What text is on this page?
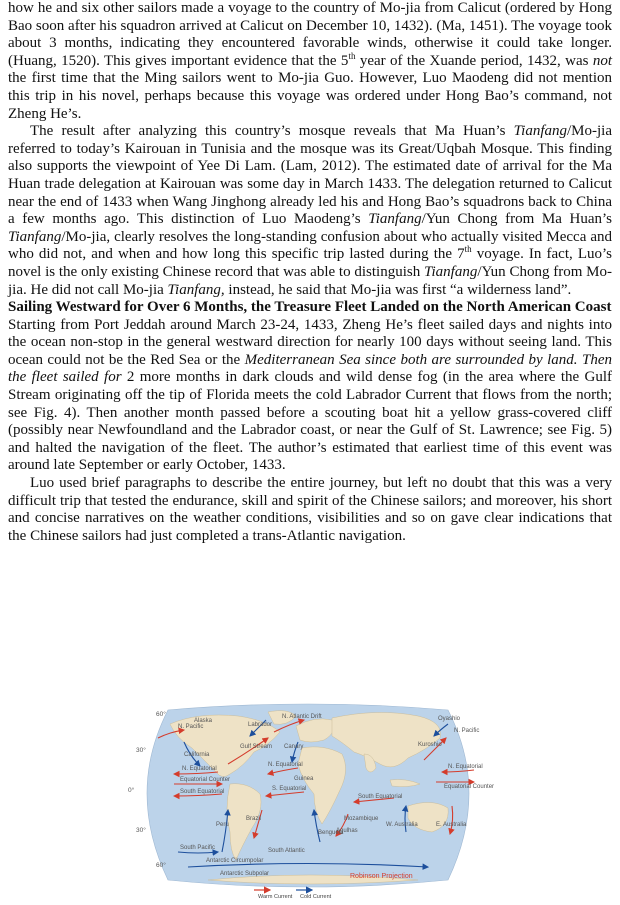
how he and six other sailors made a voyage to the country of Mo-jia from Calicut (ordered by Hong Bao soon after his squadron arrived at Calicut on December 10, 1432). (Ma, 1451). The voyage took about 3 months, indicating they encountered favorable winds, otherwise it could take longer. (Huang, 1520). This gives important evidence that the 5th year of the Xuande period, 1432, was not the first time that the Ming sailors went to Mo-jia Guo. However, Luo Maodeng did not mention this trip in his novel, perhaps because this voyage was ordered under Hong Bao’s command, not Zheng He’s.

The result after analyzing this country’s mosque reveals that Ma Huan’s Tianfang/Mo-jia referred to today’s Kairouan in Tunisia and the mosque was its Great/Uqbah Mosque. This finding also supports the viewpoint of Yee Di Lam. (Lam, 2012). The estimated date of arrival for the Ma Huan trade delegation at Kairouan was some day in March 1433. The delegation returned to Calicut near the end of 1433 when Wang Jinghong already led his and Hong Bao’s squadrons back to China a few months ago. This distinction of Luo Maodeng’s Tianfang/Yun Chong from Ma Huan’s Tianfang/Mo-jia, clearly resolves the long-standing confusion about who actually visited Mecca and who did not, and when and how long this specific trip lasted during the 7th voyage. In fact, Luo’s novel is the only existing Chinese record that was able to distinguish Tianfang/Yun Chong from Mo-jia. He did not call Mo-jia Tianfang, instead, he said that Mo-jia was first “a wilderness land”.

Sailing Westward for Over 6 Months, the Treasure Fleet Landed on the North American Coast

Starting from Port Jeddah around March 23-24, 1433, Zheng He’s fleet sailed days and nights into the ocean non-stop in the general westward direction for nearly 100 days without seeing land. This ocean could not be the Red Sea or the Mediterranean Sea since both are surrounded by land. Then the fleet sailed for 2 more months in dark clouds and wild dense fog (in the area where the Gulf Stream originating off the tip of Florida meets the cold Labrador Current that flows from the north; see Fig. 4). Then another month passed before a scouting boat hit a yellow grass-covered cliff (possibly near Newfoundland and the Labrador coast, or near the Gulf of St. Lawrence; see Fig. 5) and halted the navigation of the fleet. The author’s estimated that earliest time of this event was around late September or early October, 1433.

Luo used brief paragraphs to describe the entire journey, but left no doubt that this was a very difficult trip that tested the endurance, skill and spirit of the Chinese sailors; and moreover, his short and concise narratives on the weather conditions, visibilities and so on gave clear indications that the Chinese sailors had just completed a trans-Atlantic navigation.

60°
30°
0°
30°
60°
N. Pacific
Alaska
California
N. Equatorial
Equatorial Counter
South Equatorial
Peru
South Pacific
Antarctic Circumpolar
Antarctic Subpolar
Labrador
N. Atlantic Drift
Gulf Stream Canary
N. Equatorial
Guinea
S. Equatorial
Brazil
Benguela
South Atlantic
Agulhas
Mozambique
South Equatorial
W. Australia	E. Australia
Kuroshio
Oyashio
N. Pacific
N. Equatorial
Equatorial Counter
Robinson Projection
Warm Current Cold Current
